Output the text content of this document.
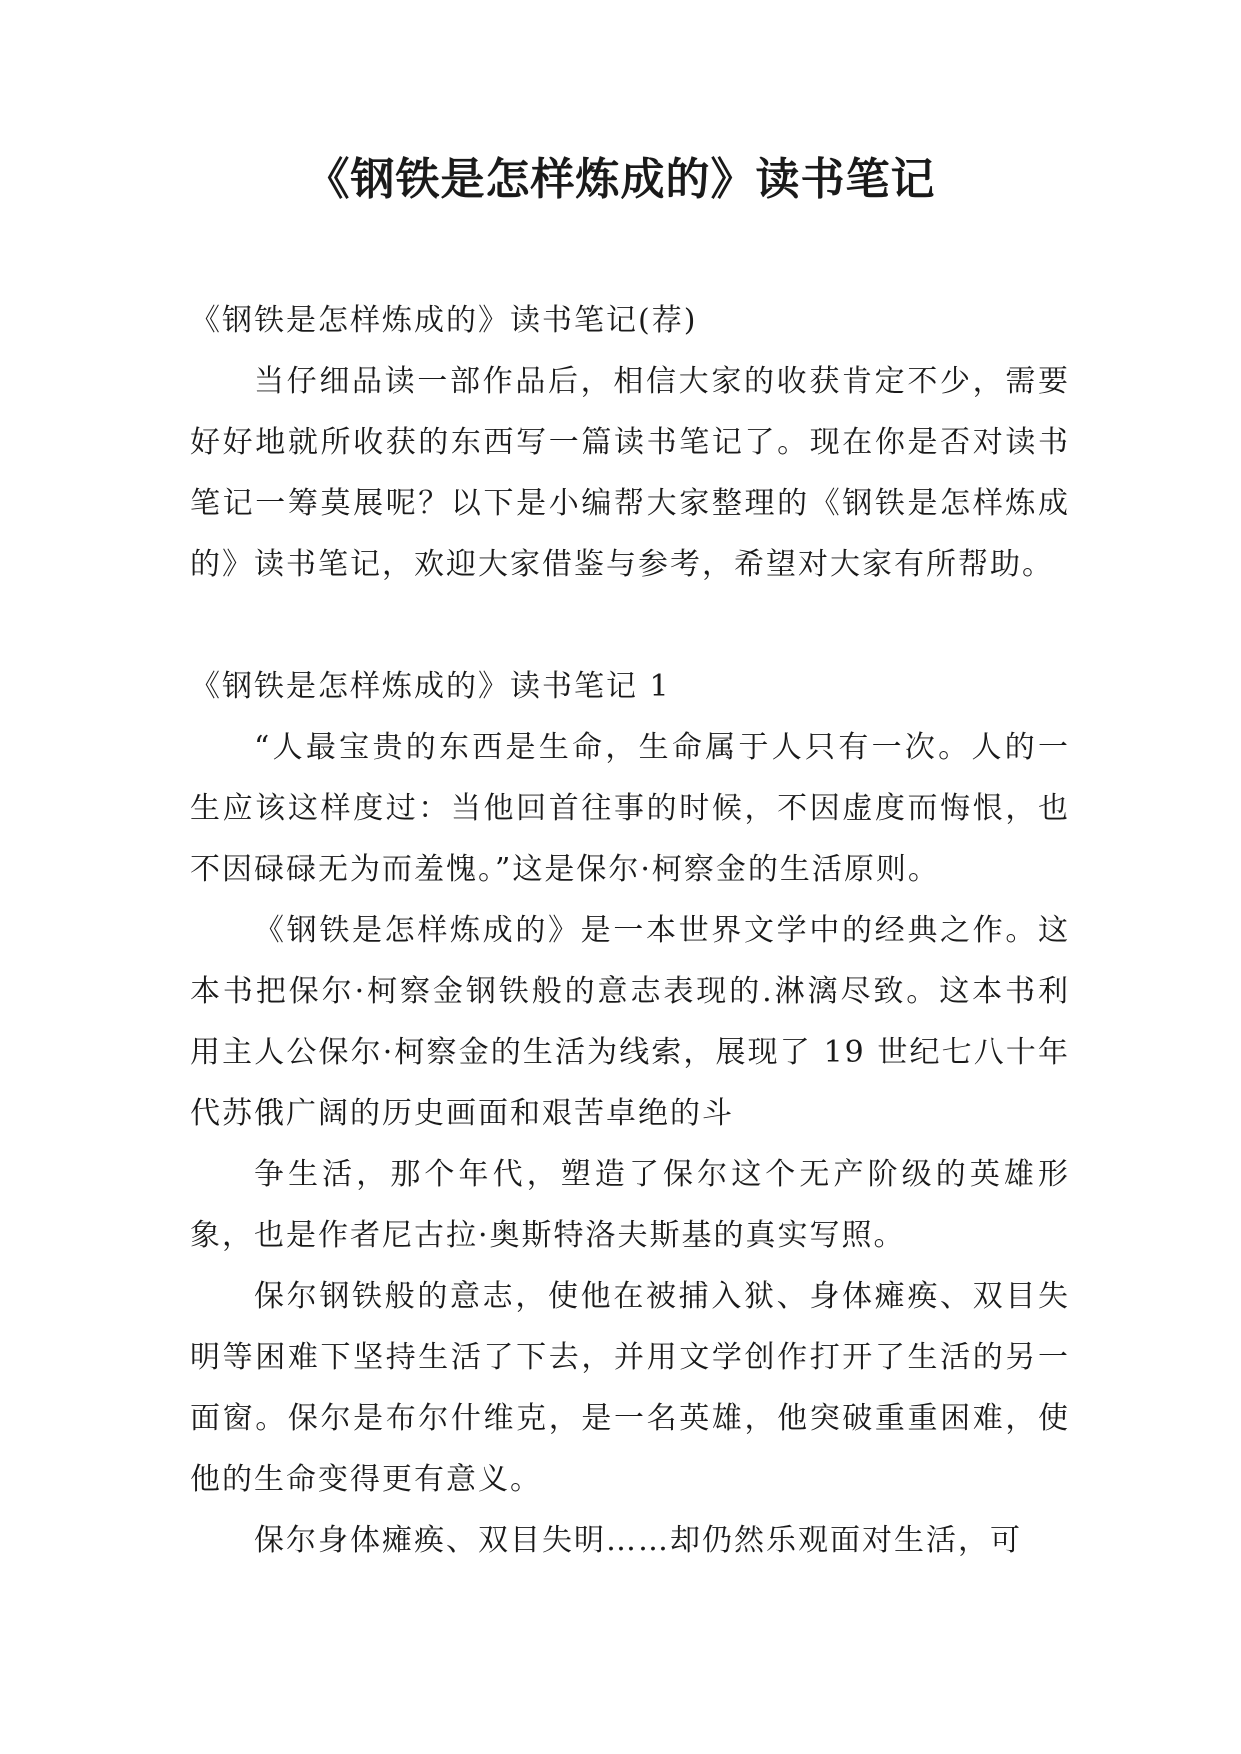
《钢铁是怎样炼成的》读书笔记

《钢铁是怎样炼成的》读书笔记(荐)

当仔细品读一部作品后，相信大家的收获肯定不少，需要好好地就所收获的东西写一篇读书笔记了。现在你是否对读书笔记一筹莫展呢？以下是小编帮大家整理的《钢铁是怎样炼成的》读书笔记，欢迎大家借鉴与参考，希望对大家有所帮助。

《钢铁是怎样炼成的》读书笔记 1

“人最宝贵的东西是生命，生命属于人只有一次。人的一生应该这样度过：当他回首往事的时候，不因虚度而悔恨，也不因碌碌无为而羞愧。”这是保尔·柯察金的生活原则。

《钢铁是怎样炼成的》是一本世界文学中的经典之作。这本书把保尔·柯察金钢铁般的意志表现的.淋漓尽致。这本书利用主人公保尔·柯察金的生活为线索，展现了 19 世纪七八十年代苏俄广阔的历史画面和艰苦卓绝的斗

争生活，那个年代，塑造了保尔这个无产阶级的英雄形象，也是作者尼古拉·奥斯特洛夫斯基的真实写照。

保尔钢铁般的意志，使他在被捕入狱、身体瘫痪、双目失明等困难下坚持生活了下去，并用文学创作打开了生活的另一面窗。保尔是布尔什维克，是一名英雄，他突破重重困难，使他的生命变得更有意义。

保尔身体瘫痪、双目失明……却仍然乐观面对生活，可
